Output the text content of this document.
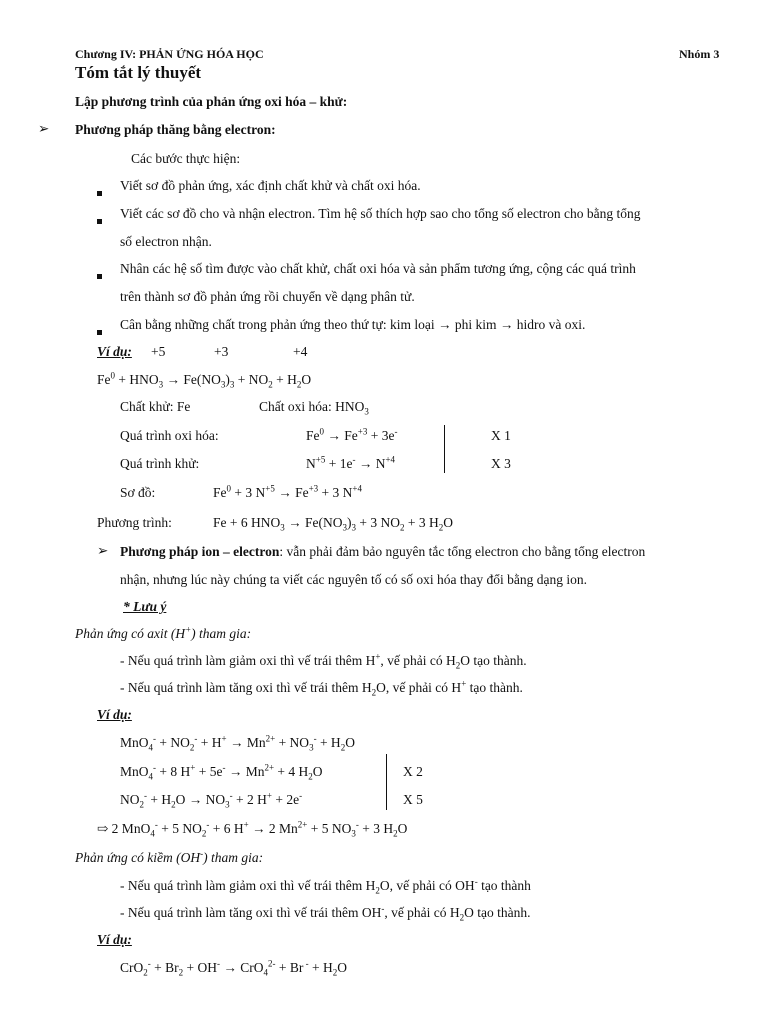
Chương IV: PHẢN ỨNG HÓA HỌC	Nhóm 3
Tóm tắt lý thuyết
Lập phương trình của phản ứng oxi hóa – khử:
➢ Phương pháp thăng bằng electron:
Các bước thực hiện:
Viết sơ đồ phản ứng, xác định chất khử và chất oxi hóa.
Viết các sơ đồ cho và nhận electron. Tìm hệ số thích hợp sao cho tổng số electron cho bằng tổng
số electron nhận.
Nhân các hệ số tìm được vào chất khử, chất oxi hóa và sản phẩm tương ứng, cộng các quá trình
trên thành sơ đồ phản ứng rồi chuyển về dạng phân tử.
Cân bằng những chất trong phản ứng theo thứ tự: kim loại → phi kim → hidro và oxi.
Ví dụ: +5	+3	+4
$Fe^0 + HNO_3 \to Fe(NO_3)_3 + NO_2 + H_2O$
Chất khử: Fe	Chất oxi hóa: $HNO_3$
Quá trình oxi hóa:	$Fe^0 \to Fe^{+3} + 3e^-$	X 1
Quá trình khử:	$N^{+5} + 1e^- \to N^{+4}$	X 3
Sơ đồ:	$Fe^0 + 3$ $N^{+5} \to Fe^{+3} + 3$ $N^{+4}$
Phương trình:	Fe + 6 $HNO_3 \to Fe(NO_3)_3 + 3$ $NO_2 + 3$ $H_2O$
➢ Phương pháp ion – electron: vẫn phải đảm bảo nguyên tắc tổng electron cho bằng tổng electron
nhận, nhưng lúc này chúng ta viết các nguyên tố có số oxi hóa thay đổi bằng dạng ion.
* Lưu ý
Phản ứng có axit (H+) tham gia:
- Nếu quá trình làm giảm oxi thì vế trái thêm H+, vế phải có $H_2O$ tạo thành.
- Nếu quá trình làm tăng oxi thì vế trái thêm $H_2O$, vế phải có H+ tạo thành.
Ví dụ:
$MnO_4^- + NO_2^- + H^+ \to Mn^{2+} + NO_3^- + H_2O$
MnO$_4$- + 8 $H^+ + 5e^- \to Mn^{2+} + 4$ $H_2O$	X 2
$NO_2^- + H_2O \to NO_3^- + 2$ H+ + 2e-	X 5
⇨ 2 MnO$_4$- + 5 $NO_2^- + 6$ H+ → 2 $Mn^{2+} + 5$ $NO_3^- + 3$ $H_2O$
Phản ứng có kiềm (OH-) tham gia:
- Nếu quá trình làm giảm oxi thì vế trái thêm $H_2O$, vế phải có OH- tạo thành
- Nếu quá trình làm tăng oxi thì vế trái thêm OH-, vế phải có $H_2O$ tạo thành.
Ví dụ:
$CrO_2^- + Br_2 + OH^- \to CrO_4^{2-} + Br$ $^- + H_2O$
